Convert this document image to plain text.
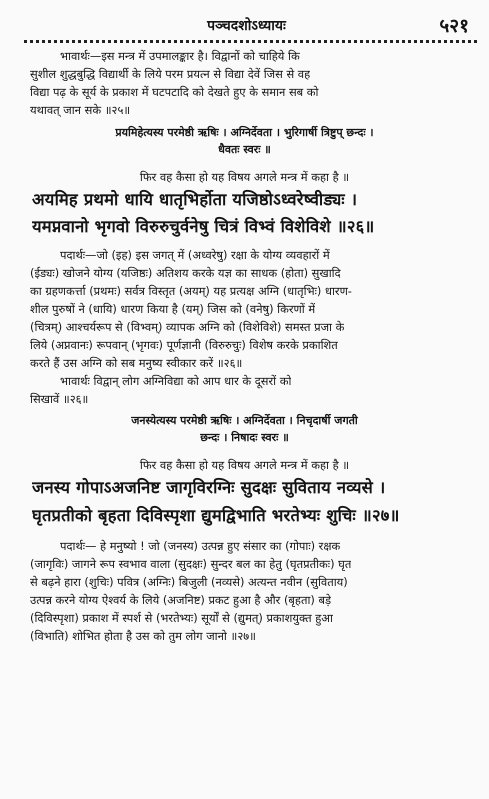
पञ्चदशोऽध्यायः	५२१
भावार्थः—इस मन्त्र में उपमालङ्कार है। विद्वानों को चाहिये कि
सुशील शुद्धबुद्धि विद्यार्थी के लिये परम प्रयत्न से विद्या देवें जिस से वह
विद्या पढ़ के सूर्य के प्रकाश में घटपटादि को देखते हुए के समान सब को
यथावत् जान सके ॥२५॥
प्रयमिहेत्यस्य परमेष्ठी ऋषिः । अग्निर्देवता । भुरिगार्षी त्रिष्टुप् छन्दः ।
धैवतः स्वरः ॥
फिर वह कैसा हो यह विषय अगले मन्त्र में कहा है ॥
अयमिह प्रथमो धायि धातृभिर्होता यजिष्ठोऽध्वरेष्वीड्यः ।
यमप्नवानो भृगवो विरुरुचुर्वनेषु चित्रं विभ्वं विशेविशे ॥२६॥
पदार्थः—जो (इह) इस जगत् में (अध्वरेषु) रक्षा के योग्य व्यवहारों में
(ईड्यः) खोजने योग्य (यजिष्ठः) अतिशय करके यज्ञ का साधक (होता) सुखादि
का ग्रहणकर्त्ता (प्रथमः) सर्वत्र विस्तृत (अयम्) यह प्रत्यक्ष अग्नि (धातृभिः) धारण-
शील पुरुषों ने (धायि) धारण किया है (यम्) जिस को (वनेषु) किरणों में
(चित्रम्) आश्चर्यरूप से (विभ्वम्) व्यापक अग्नि को (विशेविशे) समस्त प्रजा के
लिये (अप्नवानः) रूपवान् (भृगवः) पूर्णज्ञानी (विरुरुचुः) विशेष करके प्रकाशित
करते हैं उस अग्नि को सब मनुष्य स्वीकार करें ॥२६॥
भावार्थः विद्वान् लोग अग्निविद्या को आप धार के दूसरों को
सिखावें ॥२६॥
जनस्येत्यस्य परमेष्ठी ऋषिः । अग्निर्देवता । निचृदार्षी जगती
छन्दः । निषादः स्वरः ॥
फिर वह कैसा हो यह विषय अगले मन्त्र में कहा है ॥
जनस्य गोपाऽअजनिष्ट जागृविरग्निः सुदक्षः सुविताय नव्यसे ।
घृतप्रतीको बृहता दिविस्पृशा द्युमद्विभाति भरतेभ्यः शुचिः ॥२७॥
पदार्थः— हे मनुष्यो ! जो (जनस्य) उत्पन्न हुए संसार का (गोपाः) रक्षक
(जागृविः) जागने रूप स्वभाव वाला (सुदक्षः) सुन्दर बल का हेतु (घृतप्रतीकः) घृत
से बढ़ने हारा (शुचिः) पवित्र (अग्निः) बिजुली (नव्यसे) अत्यन्त नवीन (सुविताय)
उत्पन्न करने योग्य ऐश्वर्य के लिये (अजनिष्ट) प्रकट हुआ है और (बृहता) बड़े
(दिविस्पृशा) प्रकाश में स्पर्श से (भरतेभ्यः) सूर्यों से (द्युमत्) प्रकाशयुक्त हुआ
(विभाति) शोभित होता है उस को तुम लोग जानो ॥२७॥
